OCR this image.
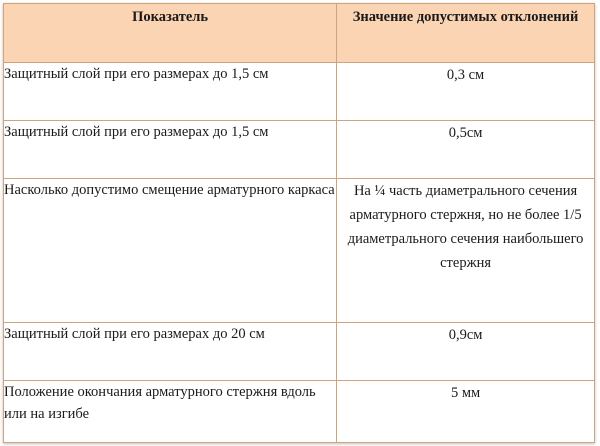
Показатель	Значение допустимых отклонений
Защитный слой при его размерах до 1,5 см	0,3 см
Защитный слой при его размерах до 1,5 см	0,5см
Насколько допустимо смещение арматурного каркаса	На ¼ часть диаметрального сечения арматурного стержня, но не более 1/5 диаметрального сечения наибольшего стержня
Защитный слой при его размерах до 20 см	0,9см
Положение окончания арматурного стержня вдоль или на изгибе	5 мм
